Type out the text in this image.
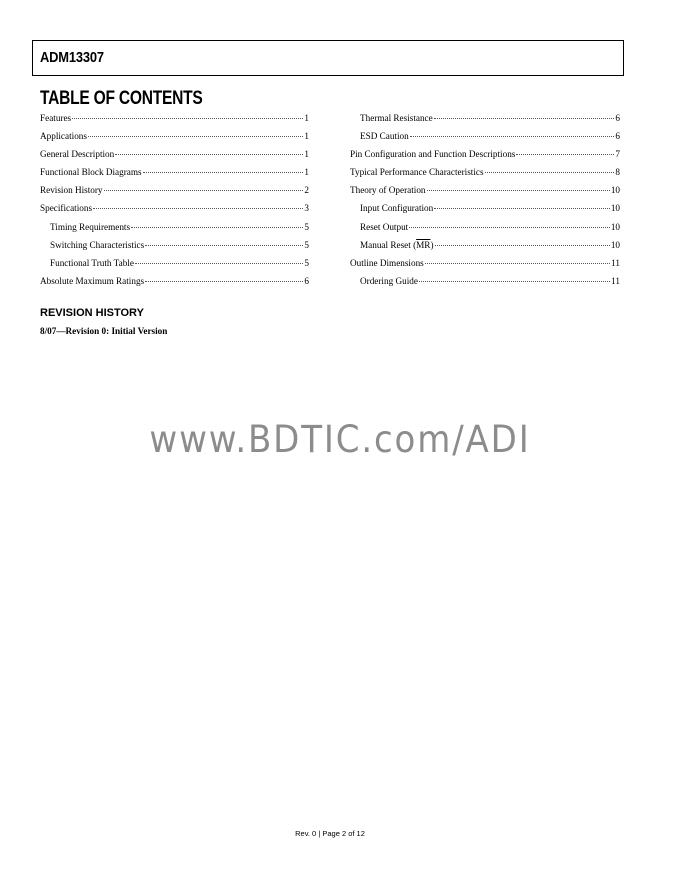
ADM13307
TABLE OF CONTENTS
Features	1
Applications	1
General Description	1
Functional Block Diagrams	1
Revision History	2
Specifications	3
Timing Requirements	5
Switching Characteristics	5
Functional Truth Table	5
Absolute Maximum Ratings	6
Thermal Resistance	6
ESD Caution	6
Pin Configuration and Function Descriptions	7
Typical Performance Characteristics	8
Theory of Operation	10
Input Configuration	10
Reset Output	10
Manual Reset $(\overline{MR})$	10
Outline Dimensions	11
Ordering Guide	11
REVISION HISTORY
8/07—Revision 0: Initial Version
www.BDTIC.com/ADI
Rev. 0 | Page 2 of 12
